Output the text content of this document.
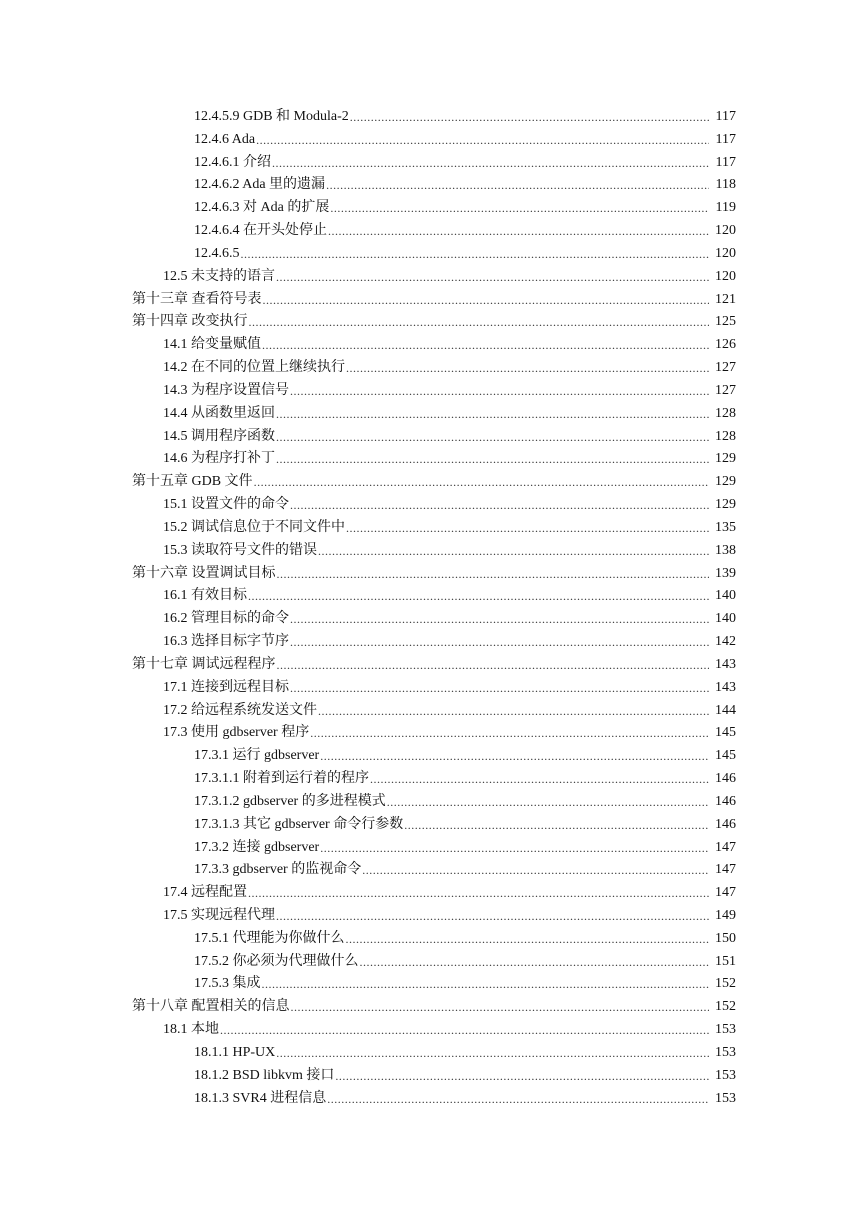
12.4.5.9 GDB 和 Modula-2 .....	117
12.4.6 Ada .....	117
12.4.6.1 介绍 .....	117
12.4.6.2 Ada 里的遗漏 .....	118
12.4.6.3 对 Ada 的扩展 .....	119
12.4.6.4 在开头处停止 .....	120
12.4.6.5 .....	120
12.5 未支持的语言 .....	120
第十三章 查看符号表 .....	121
第十四章 改变执行 .....	125
14.1 给变量赋值 .....	126
14.2 在不同的位置上继续执行 .....	127
14.3 为程序设置信号 .....	127
14.4 从函数里返回 .....	128
14.5 调用程序函数 .....	128
14.6 为程序打补丁 .....	129
第十五章 GDB 文件 .....	129
15.1 设置文件的命令 .....	129
15.2 调试信息位于不同文件中 .....	135
15.3 读取符号文件的错误 .....	138
第十六章 设置调试目标 .....	139
16.1 有效目标 .....	140
16.2 管理目标的命令 .....	140
16.3 选择目标字节序 .....	142
第十七章 调试远程程序 .....	143
17.1 连接到远程目标 .....	143
17.2 给远程系统发送文件 .....	144
17.3 使用 gdbserver 程序 .....	145
17.3.1 运行 gdbserver .....	145
17.3.1.1 附着到运行着的程序 .....	146
17.3.1.2 gdbserver 的多进程模式 .....	146
17.3.1.3 其它 gdbserver 命令行参数 .....	146
17.3.2 连接 gdbserver .....	147
17.3.3 gdbserver 的监视命令 .....	147
17.4 远程配置 .....	147
17.5 实现远程代理 .....	149
17.5.1 代理能为你做什么 .....	150
17.5.2 你必须为代理做什么 .....	151
17.5.3 集成 .....	152
第十八章 配置相关的信息 .....	152
18.1 本地 .....	153
18.1.1 HP-UX .....	153
18.1.2 BSD libkvm 接口 .....	153
18.1.3 SVR4 进程信息 .....	153
